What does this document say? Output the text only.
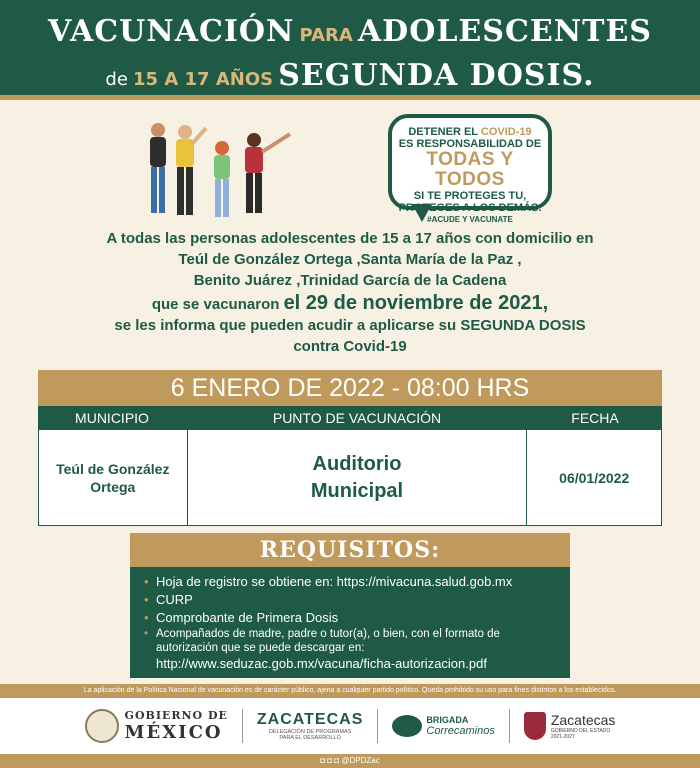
VACUNACIÓN PARA ADOLESCENTES
de 15 A 17 AÑOS SEGUNDA DOSIS.
DETENER EL COVID-19
ES RESPONSABILIDAD DE
TODAS Y TODOS
SI TE PROTEGES TU,
PROTEGES A LOS DEMÁS.
#ACUDE Y VACUNATE
A todas las personas adolescentes de 15 a 17 años con domicilio en
Teúl de González Ortega ,Santa María de la Paz ,
Benito Juárez ,Trinidad García de la Cadena
que se vacunaron el 29 de noviembre de 2021,
se les informa que pueden acudir a aplicarse su SEGUNDA DOSIS
contra Covid-19
6 ENERO DE 2022 - 08:00 HRS
MUNICIPIO	PUNTO DE VACUNACIÓN	FECHA
Teúl de González
Ortega
Auditorio
Municipal
06/01/2022
REQUISITOS:
• Hoja de registro se obtiene en: https://mivacuna.salud.gob.mx
• CURP
• Comprobante de Primera Dosis
• Acompañados de madre, padre o tutor(a), o bien, con el formato de autorización que se puede descargar en:
http://www.seduzac.gob.mx/vacuna/ficha-autorizacion.pdf
La aplicación de la Política Nacional de vacunación es de carácter público, ajena a cualquier partido político. Queda prohibido su uso para fines distintos a los establecidos.
GOBIERNO DE
MÉXICO
ZACATECAS
DELEGACIÓN DE PROGRAMAS
PARA EL DESARROLLO
BRIGADA
Correcaminos
Zacatecas
GOBIERNO DEL ESTADO
2021-2027
◘ ◘ ◘ @DPDZac
